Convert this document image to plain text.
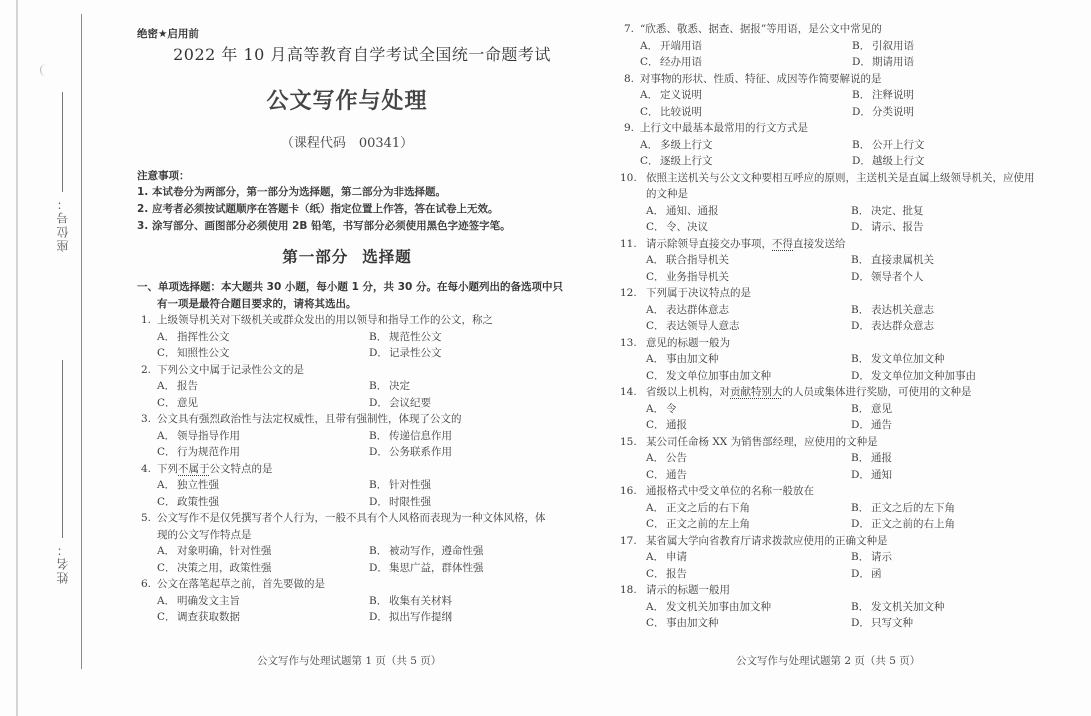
座位号：
姓名：
绝密★启用前
2022 年 10 月高等教育自学考试全国统一命题考试
公文写作与处理
（课程代码　00341）
注意事项：
1. 本试卷分为两部分，第一部分为选择题，第二部分为非选择题。
2. 应考者必须按试题顺序在答题卡（纸）指定位置上作答，答在试卷上无效。
3. 涂写部分、画图部分必须使用 2B 铅笔，书写部分必须使用黑色字迹签字笔。
第一部分 选择题
一、单项选择题：本大题共 30 小题，每小题 1 分，共 30 分。在每小题列出的备选项中只
有一项是最符合题目要求的，请将其选出。
1. 上级领导机关对下级机关或群众发出的用以领导和指导工作的公文，称之
A． 指挥性公文	B． 规范性公文
C．知照性公文	D．记录性公文
2. 下列公文中属于记录性公文的是
A． 报告	B． 决定
C．意见	D．会议纪要
3. 公文具有强烈政治性与法定权威性，且带有强制性，体现了公文的
A． 领导指导作用	B． 传递信息作用
C．行为规范作用	D．公务联系作用
4. 下列不属于公文特点的是
A． 独立性强	B． 针对性强
C．政策性强	D．时限性强
5. 公文写作不是仅凭撰写者个人行为，一般不具有个人风格而表现为一种文体风格，体
现的公文写作特点是
A． 对象明确，针对性强	B． 被动写作，遵命性强
C．决策之用，政策性强	D．集思广益，群体性强
6. 公文在落笔起草之前，首先要做的是
A． 明确发文主旨	B． 收集有关材料
C．调查获取数据	D．拟出写作提纲
公文写作与处理试题第 1 页（共 5 页）
7. “欣悉、敬悉、据查、据报”等用语，是公文中常见的
A． 开端用语	B． 引叙用语
C．经办用语	D．期请用语
8. 对事物的形状、性质、特征、成因等作简要解说的是
A． 定义说明	B． 注释说明
C．比较说明	D．分类说明
9. 上行文中最基本最常用的行文方式是
A． 多级上行文	B． 公开上行文
C．逐级上行文	D．越级上行文
10. 依照主送机关与公文文种要相互呼应的原则，主送机关是直属上级领导机关，应使用
的文种是
A． 通知、通报	B． 决定、批复
C．令、决议	D．请示、报告
11. 请示除领导直接交办事项，不得直接发送给
A． 联合指导机关	B． 直接隶属机关
C．业务指导机关	D．领导者个人
12. 下列属于决议特点的是
A． 表达群体意志	B． 表达机关意志
C．表达领导人意志	D．表达群众意志
13. 意见的标题一般为
A． 事由加文种	B． 发文单位加文种
C．发文单位加事由加文种	D．发文单位加文种加事由
14. 省级以上机构，对贡献特别大的人员或集体进行奖励，可使用的文种是
A． 令	B． 意见
C．通报	D．通告
15. 某公司任命杨 XX 为销售部经理，应使用的文种是
A． 公告	B． 通报
C．通告	D．通知
16. 通报格式中受文单位的名称一般放在
A． 正文之后的右下角	B． 正文之后的左下角
C．正文之前的左上角	D．正文之前的右上角
17. 某省属大学向省教育厅请求拨款应使用的正确文种是
A． 申请	B． 请示
C．报告	D．函
18. 请示的标题一般用
A． 发文机关加事由加文种	B． 发文机关加文种
C．事由加文种	D．只写文种
公文写作与处理试题第 2 页（共 5 页）
